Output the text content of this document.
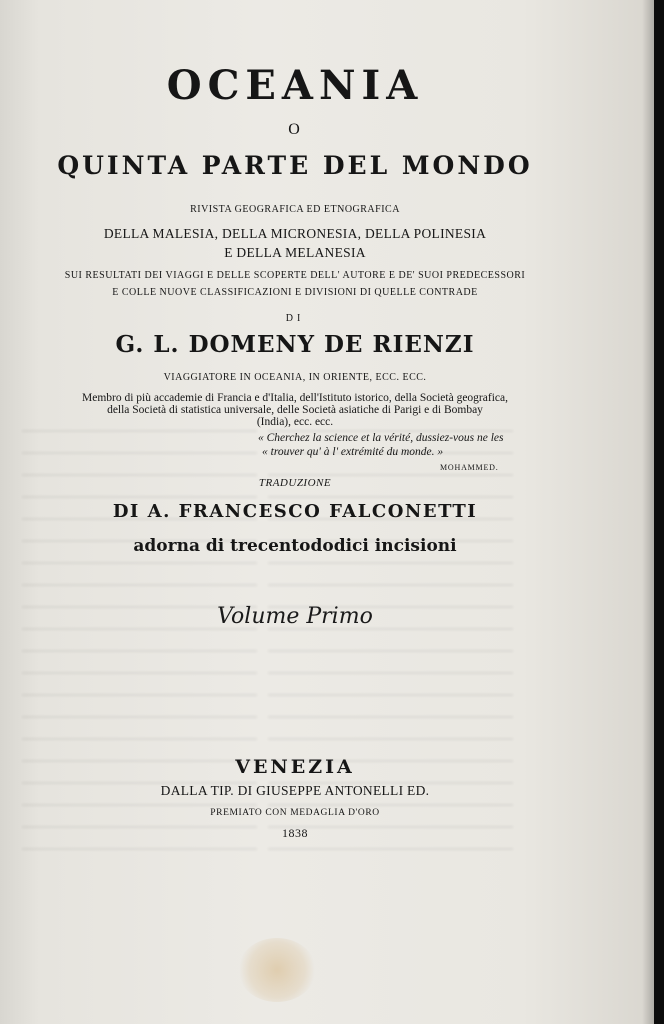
OCEANIA
O
QUINTA PARTE DEL MONDO
RIVISTA GEOGRAFICA ED ETNOGRAFICA
DELLA MALESIA, DELLA MICRONESIA, DELLA POLINESIA
E DELLA MELANESIA
SUI RESULTATI DEI VIAGGI E DELLE SCOPERTE DELL' AUTORE E DE' SUOI PREDECESSORI
E COLLE NUOVE CLASSIFICAZIONI E DIVISIONI DI QUELLE CONTRADE
DI
G. L. DOMENY DE RIENZI
VIAGGIATORE IN OCEANIA, IN ORIENTE, ECC. ECC.
Membro di più accademie di Francia e d'Italia, dell'Istituto istorico, della Società geografica,
della Società di statistica universale, delle Società asiatiche di Parigi e di Bombay
(India), ecc. ecc.
« Cherchez la science et la vérité, dussiez-vous ne les
« trouver qu' à l' extrémité du monde. »
MOHAMMED.
TRADUZIONE
DI A. FRANCESCO FALCONETTI
adorna di trecentododici incisioni
Volume Primo
VENEZIA
DALLA TIP. DI GIUSEPPE ANTONELLI ED.
PREMIATO CON MEDAGLIA D'ORO
1838
